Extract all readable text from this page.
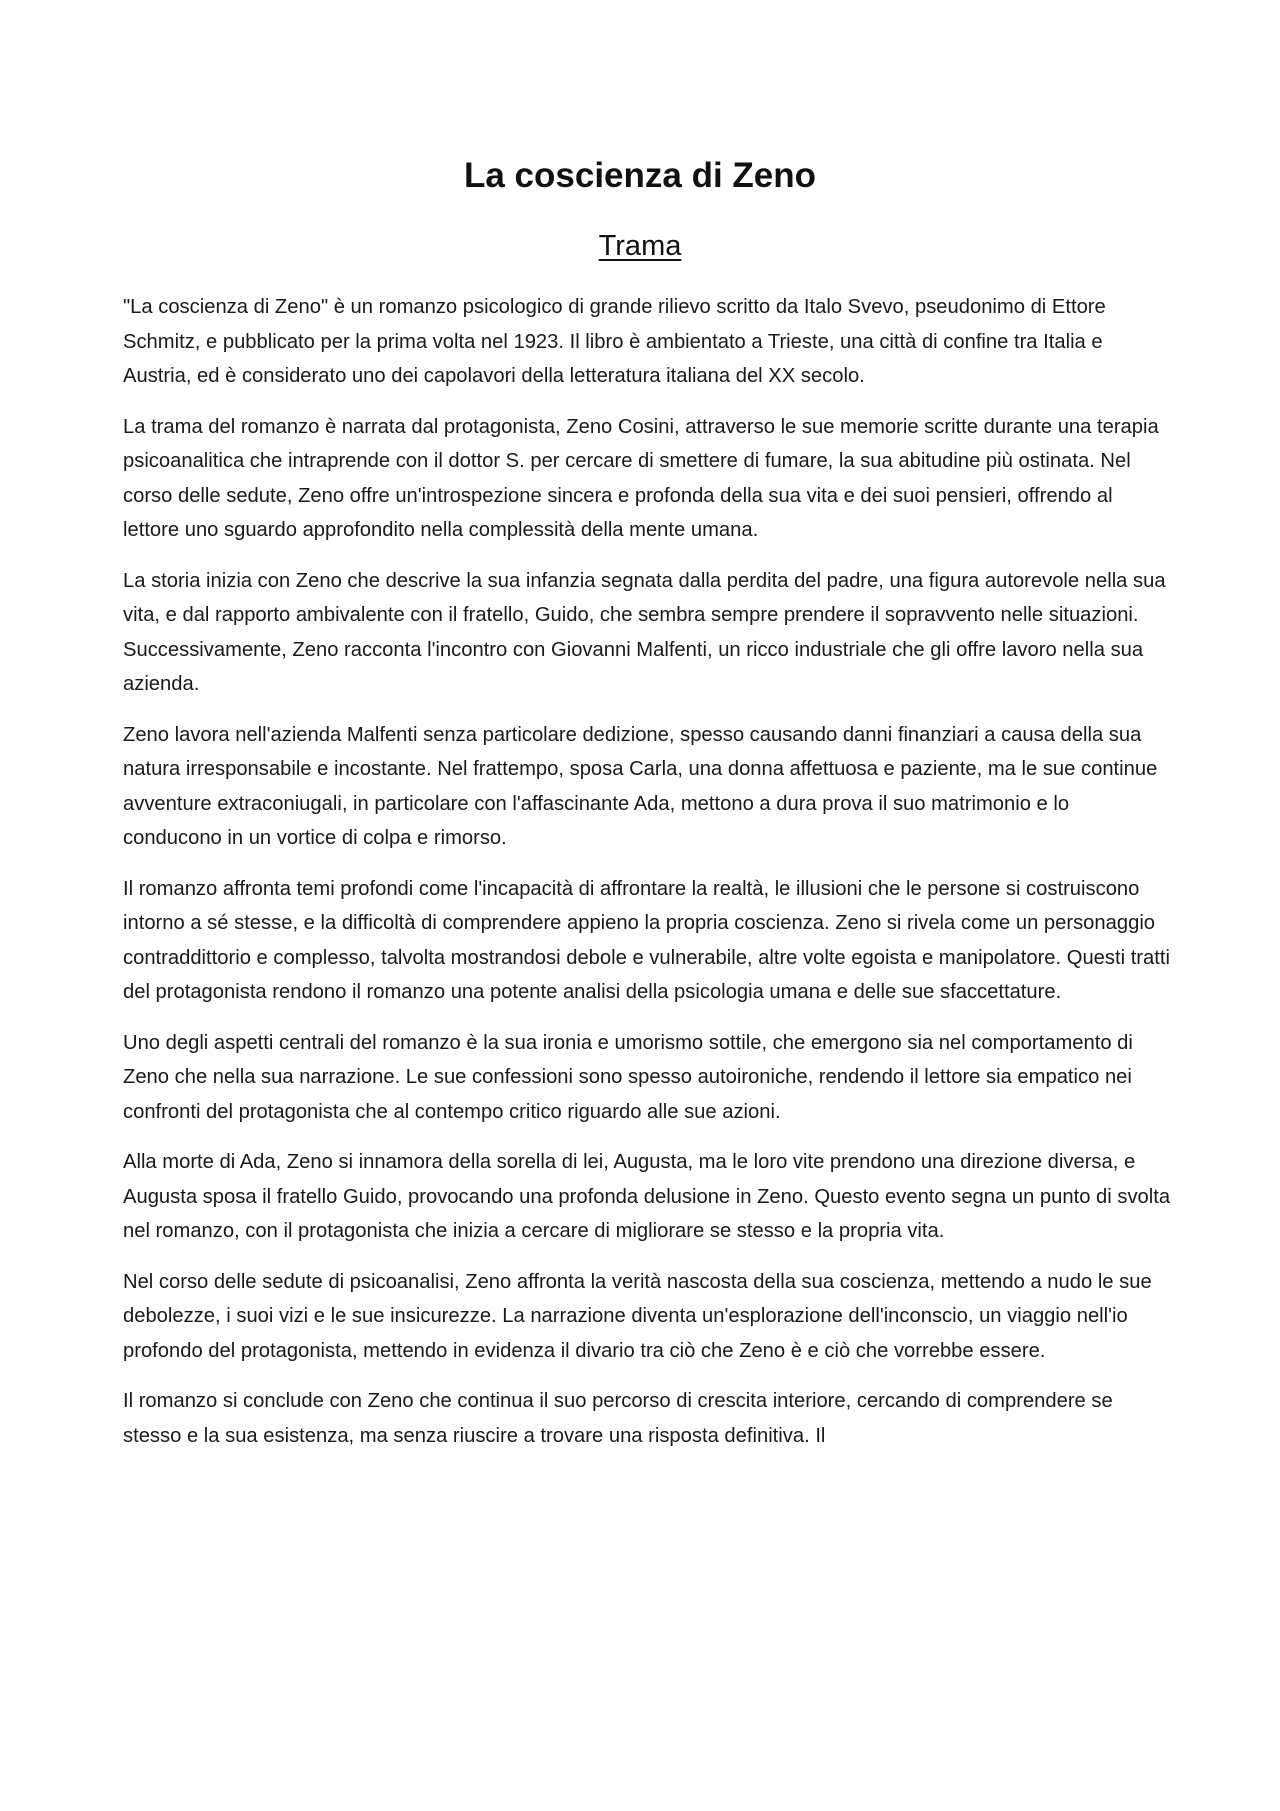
La coscienza di Zeno
Trama

"La coscienza di Zeno" è un romanzo psicologico di grande rilievo scritto da Italo Svevo, pseudonimo di Ettore Schmitz, e pubblicato per la prima volta nel 1923. Il libro è ambientato a Trieste, una città di confine tra Italia e Austria, ed è considerato uno dei capolavori della letteratura italiana del XX secolo.

La trama del romanzo è narrata dal protagonista, Zeno Cosini, attraverso le sue memorie scritte durante una terapia psicoanalitica che intraprende con il dottor S. per cercare di smettere di fumare, la sua abitudine più ostinata. Nel corso delle sedute, Zeno offre un'introspezione sincera e profonda della sua vita e dei suoi pensieri, offrendo al lettore uno sguardo approfondito nella complessità della mente umana.

La storia inizia con Zeno che descrive la sua infanzia segnata dalla perdita del padre, una figura autorevole nella sua vita, e dal rapporto ambivalente con il fratello, Guido, che sembra sempre prendere il sopravvento nelle situazioni. Successivamente, Zeno racconta l'incontro con Giovanni Malfenti, un ricco industriale che gli offre lavoro nella sua azienda.

Zeno lavora nell'azienda Malfenti senza particolare dedizione, spesso causando danni finanziari a causa della sua natura irresponsabile e incostante. Nel frattempo, sposa Carla, una donna affettuosa e paziente, ma le sue continue avventure extraconiugali, in particolare con l'affascinante Ada, mettono a dura prova il suo matrimonio e lo conducono in un vortice di colpa e rimorso.

Il romanzo affronta temi profondi come l'incapacità di affrontare la realtà, le illusioni che le persone si costruiscono intorno a sé stesse, e la difficoltà di comprendere appieno la propria coscienza. Zeno si rivela come un personaggio contraddittorio e complesso, talvolta mostrandosi debole e vulnerabile, altre volte egoista e manipolatore. Questi tratti del protagonista rendono il romanzo una potente analisi della psicologia umana e delle sue sfaccettature.

Uno degli aspetti centrali del romanzo è la sua ironia e umorismo sottile, che emergono sia nel comportamento di Zeno che nella sua narrazione. Le sue confessioni sono spesso autoironiche, rendendo il lettore sia empatico nei confronti del protagonista che al contempo critico riguardo alle sue azioni.

Alla morte di Ada, Zeno si innamora della sorella di lei, Augusta, ma le loro vite prendono una direzione diversa, e Augusta sposa il fratello Guido, provocando una profonda delusione in Zeno. Questo evento segna un punto di svolta nel romanzo, con il protagonista che inizia a cercare di migliorare se stesso e la propria vita.

Nel corso delle sedute di psicoanalisi, Zeno affronta la verità nascosta della sua coscienza, mettendo a nudo le sue debolezze, i suoi vizi e le sue insicurezze. La narrazione diventa un'esplorazione dell'inconscio, un viaggio nell'io profondo del protagonista, mettendo in evidenza il divario tra ciò che Zeno è e ciò che vorrebbe essere.

Il romanzo si conclude con Zeno che continua il suo percorso di crescita interiore, cercando di comprendere se stesso e la sua esistenza, ma senza riuscire a trovare una risposta definitiva. Il
